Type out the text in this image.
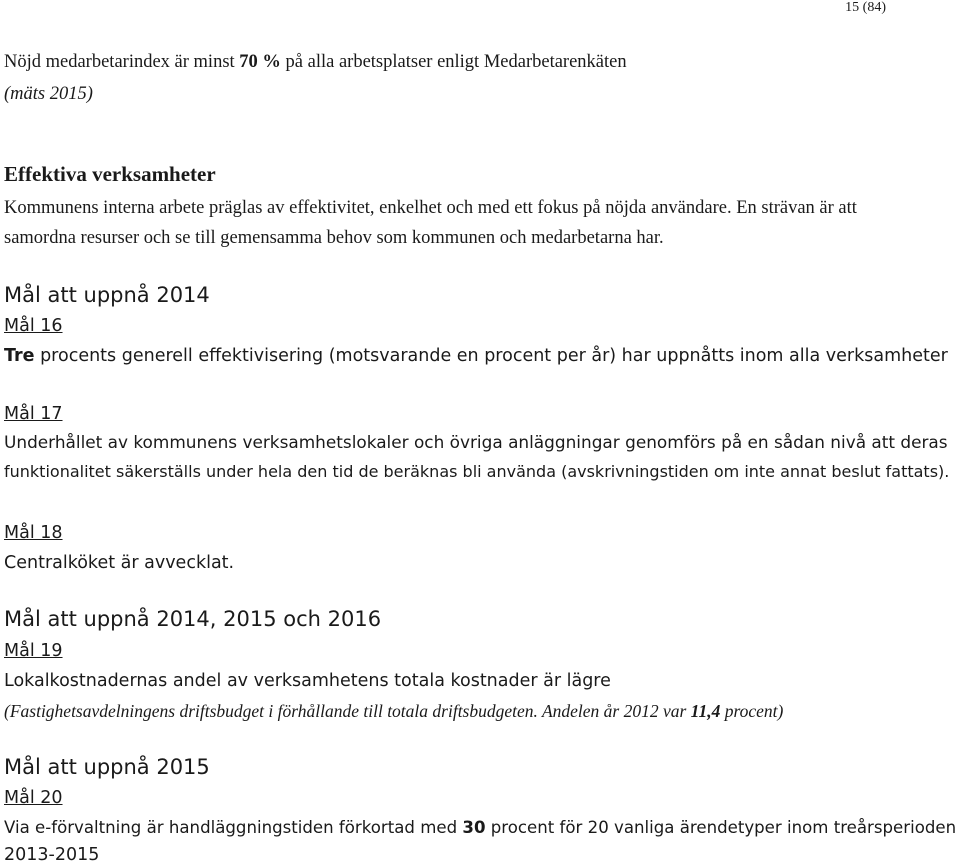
15 (84)
Nöjd medarbetarindex är minst 70 % på alla arbetsplatser enligt Medarbetarenkäten
(mäts 2015)
Effektiva verksamheter
Kommunens interna arbete präglas av effektivitet, enkelhet och med ett fokus på nöjda användare. En strävan är att
samordna resurser och se till gemensamma behov som kommunen och medarbetarna har.
Mål att uppnå 2014
Mål 16
Tre procents generell effektivisering (motsvarande en procent per år) har uppnåtts inom alla verksamheter
Mål 17
Underhållet av kommunens verksamhetslokaler och övriga anläggningar genomförs på en sådan nivå att deras
funktionalitet säkerställs under hela den tid de beräknas bli använda (avskrivningstiden om inte annat beslut fattats).
Mål 18
Centralköket är avvecklat.
Mål att uppnå 2014, 2015 och 2016
Mål 19
Lokalkostnadernas andel av verksamhetens totala kostnader är lägre
(Fastighetsavdelningens driftsbudget i förhållande till totala driftsbudgeten. Andelen år 2012 var 11,4 procent)
Mål att uppnå 2015
Mål 20
Via e-förvaltning är handläggningstiden förkortad med 30 procent för 20 vanliga ärendetyper inom treårsperioden
2013-2015
